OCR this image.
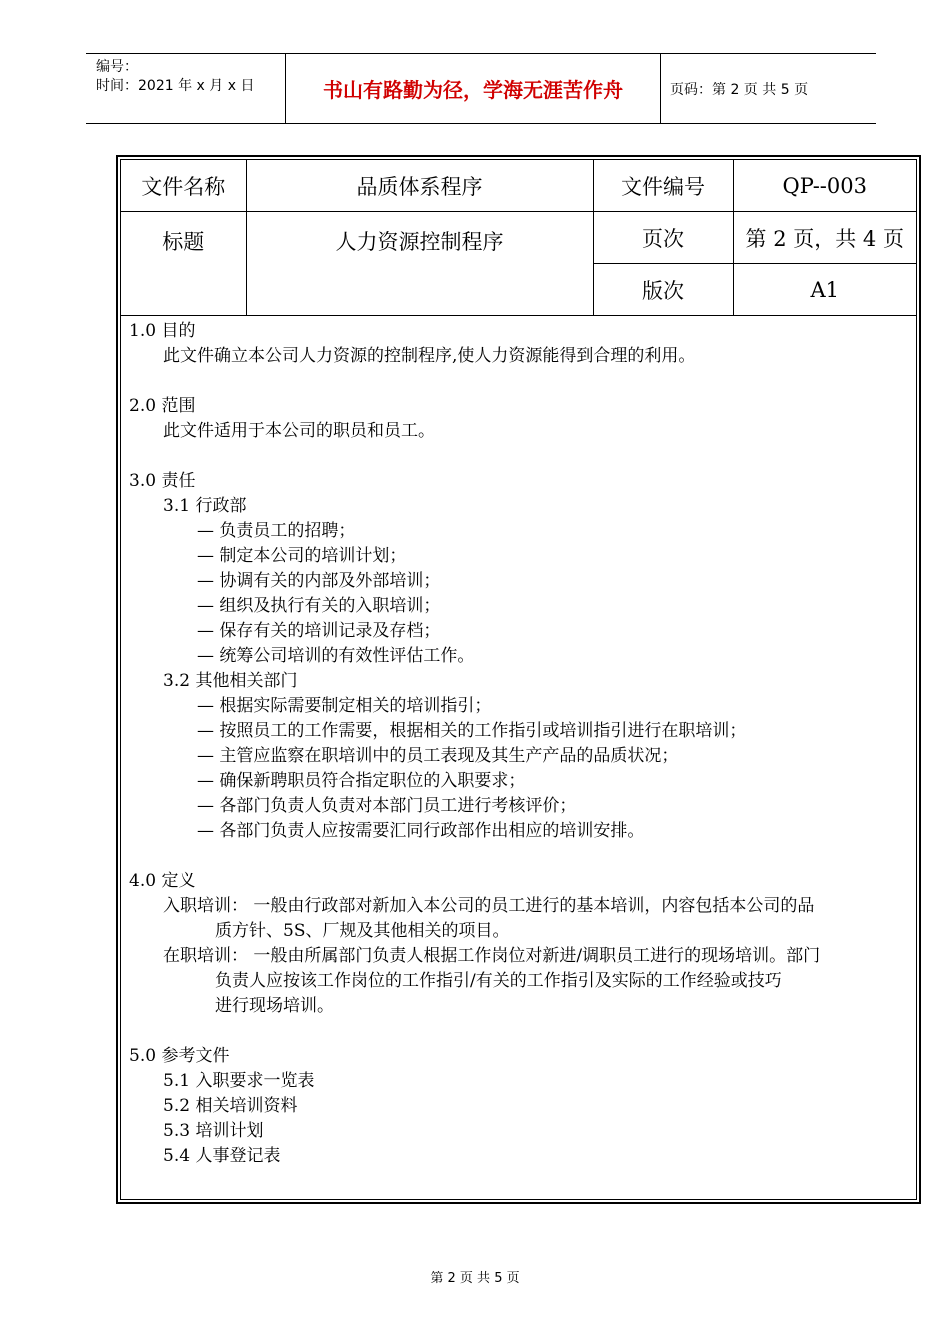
编号：
时间：2021 年 x 月 x 日	书山有路勤为径，学海无涯苦作舟	页码：第 2 页 共 5 页
文件名称	品质体系程序	文件编号	QP--003
标题	人力资源控制程序	页次	第 2 页，共 4 页
		版次	A1
1.0 目的
此文件确立本公司人力资源的控制程序,使人力资源能得到合理的利用。
2.0 范围
此文件适用于本公司的职员和员工。
3.0 责任
3.1 行政部
— 负责员工的招聘；
— 制定本公司的培训计划；
— 协调有关的内部及外部培训；
— 组织及执行有关的入职培训；
— 保存有关的培训记录及存档；
— 统筹公司培训的有效性评估工作。
3.2 其他相关部门
— 根据实际需要制定相关的培训指引；
— 按照员工的工作需要，根据相关的工作指引或培训指引进行在职培训；
— 主管应监察在职培训中的员工表现及其生产产品的品质状况；
— 确保新聘职员符合指定职位的入职要求；
— 各部门负责人负责对本部门员工进行考核评价；
— 各部门负责人应按需要汇同行政部作出相应的培训安排。
4.0 定义
入职培训： 一般由行政部对新加入本公司的员工进行的基本培训，内容包括本公司的品
质方针、5S、厂规及其他相关的项目。
在职培训： 一般由所属部门负责人根据工作岗位对新进/调职员工进行的现场培训。部门
负责人应按该工作岗位的工作指引/有关的工作指引及实际的工作经验或技巧
进行现场培训。
5.0 参考文件
5.1 入职要求一览表
5.2 相关培训资料
5.3 培训计划
5.4 人事登记表
第 2 页 共 5 页
